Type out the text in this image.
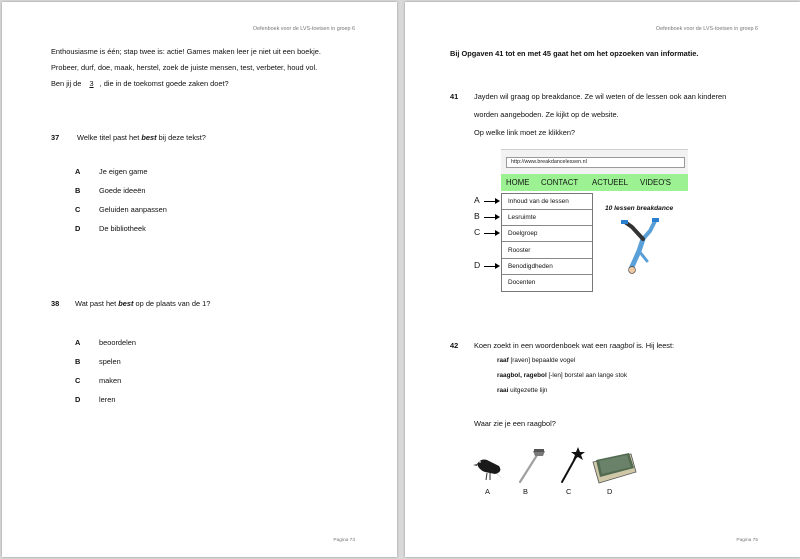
Oefenboek voor de LVS-toetsen in groep 6
Enthousiasme is één; stap twee is: actie! Games maken leer je niet uit een boekje.
Probeer, durf, doe, maak, herstel, zoek de juiste mensen, test, verbeter, houd vol.
Ben jij de 3 , die in de toekomst goede zaken doet?
37 Welke titel past het best bij deze tekst?
A	Je eigen game
B	Goede ideeën
C	Geluiden aanpassen
D	De bibliotheek
38 Wat past het best op de plaats van de 1?
A	beoordelen
B	spelen
C	maken
D	leren
Pagina 73
Oefenboek voor de LVS-toetsen in groep 6
Bij Opgaven 41 tot en met 45 gaat het om het opzoeken van informatie.
41 Jayden wil graag op breakdance. Ze wil weten of de lessen ook aan kinderen
worden aangeboden. Ze kijkt op de website.
Op welke link moet ze klikken?
http://www.breakdancelessen.nl
HOME CONTACT ACTUEEL VIDEO'S
Inhoud van de lessen
Lesruimte
Doelgroep
Rooster
Benodigdheden
Docenten
10 lessen breakdance
A
B
C
D
42 Koen zoekt in een woordenboek wat een raagbol is. Hij leest:
raaf [raven] bepaalde vogel
raagbol, ragebol [-len] borstel aan lange stok
raai uitgezette lijn
Waar zie je een raagbol?
A	B	C	D
Pagina 75
